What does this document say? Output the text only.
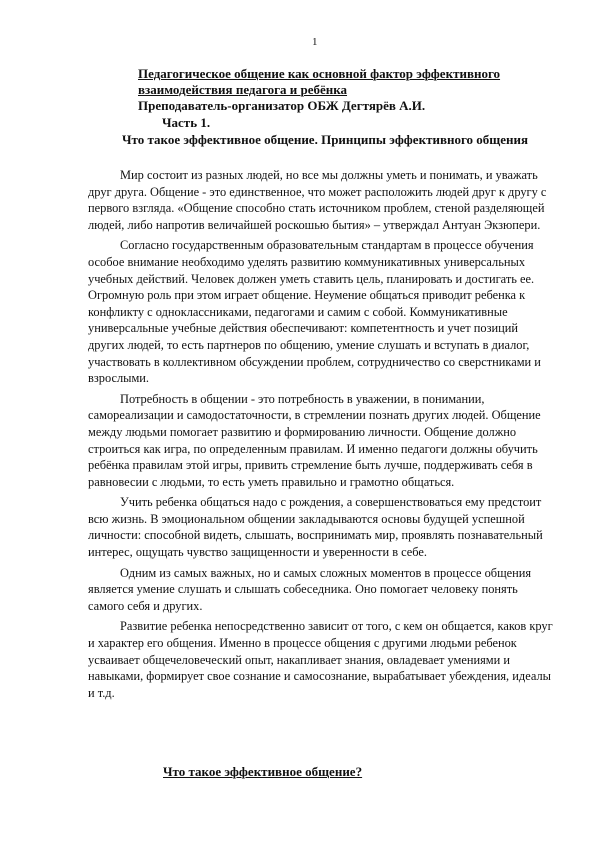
1
Педагогическое общение как основной фактор эффективного взаимодействия педагога и ребёнка
Преподаватель-организатор ОБЖ Дегтярёв А.И.
Часть 1.
Что такое эффективное общение. Принципы эффективного общения

Мир состоит из разных людей, но все мы должны уметь и понимать, и уважать друг друга. Общение - это единственное, что может расположить людей друг к другу с первого взгляда. «Общение способно стать источником проблем, стеной разделяющей людей, либо напротив величайшей роскошью бытия» – утверждал Антуан Экзюпери.

Согласно государственным образовательным стандартам в процессе обучения особое внимание необходимо уделять развитию коммуникативных универсальных учебных действий. Человек должен уметь ставить цель, планировать и достигать ее. Огромную роль при этом играет общение. Неумение общаться приводит ребенка к конфликту с одноклассниками, педагогами и самим с собой. Коммуникативные универсальные учебные действия обеспечивают: компетентность и учет позиций других людей, то есть партнеров по общению, умение слушать и вступать в диалог, участвовать в коллективном обсуждении проблем, сотрудничество со сверстниками и взрослыми.

Потребность в общении - это потребность в уважении, в понимании, самореализации и самодостаточности, в стремлении познать других людей. Общение между людьми помогает развитию и формированию личности. Общение должно строиться как игра, по определенным правилам. И именно педагоги должны обучить ребёнка правилам этой игры, привить стремление быть лучше, поддерживать себя в равновесии с людьми, то есть уметь правильно и грамотно общаться.

Учить ребенка общаться надо с рождения, а совершенствоваться ему предстоит всю жизнь. В эмоциональном общении закладываются основы будущей успешной личности: способной видеть, слышать, воспринимать мир, проявлять познавательный интерес, ощущать чувство защищенности и уверенности в себе.

Одним из самых важных, но и самых сложных моментов в процессе общения является умение слушать и слышать собеседника. Оно помогает человеку понять самого себя и других.

Развитие ребенка непосредственно зависит от того, с кем он общается, каков круг и характер его общения. Именно в процессе общения с другими людьми ребенок усваивает общечеловеческий опыт, накапливает знания, овладевает умениями и навыками, формирует свое сознание и самосознание, вырабатывает убеждения, идеалы и т.д.

Что такое эффективное общение?
